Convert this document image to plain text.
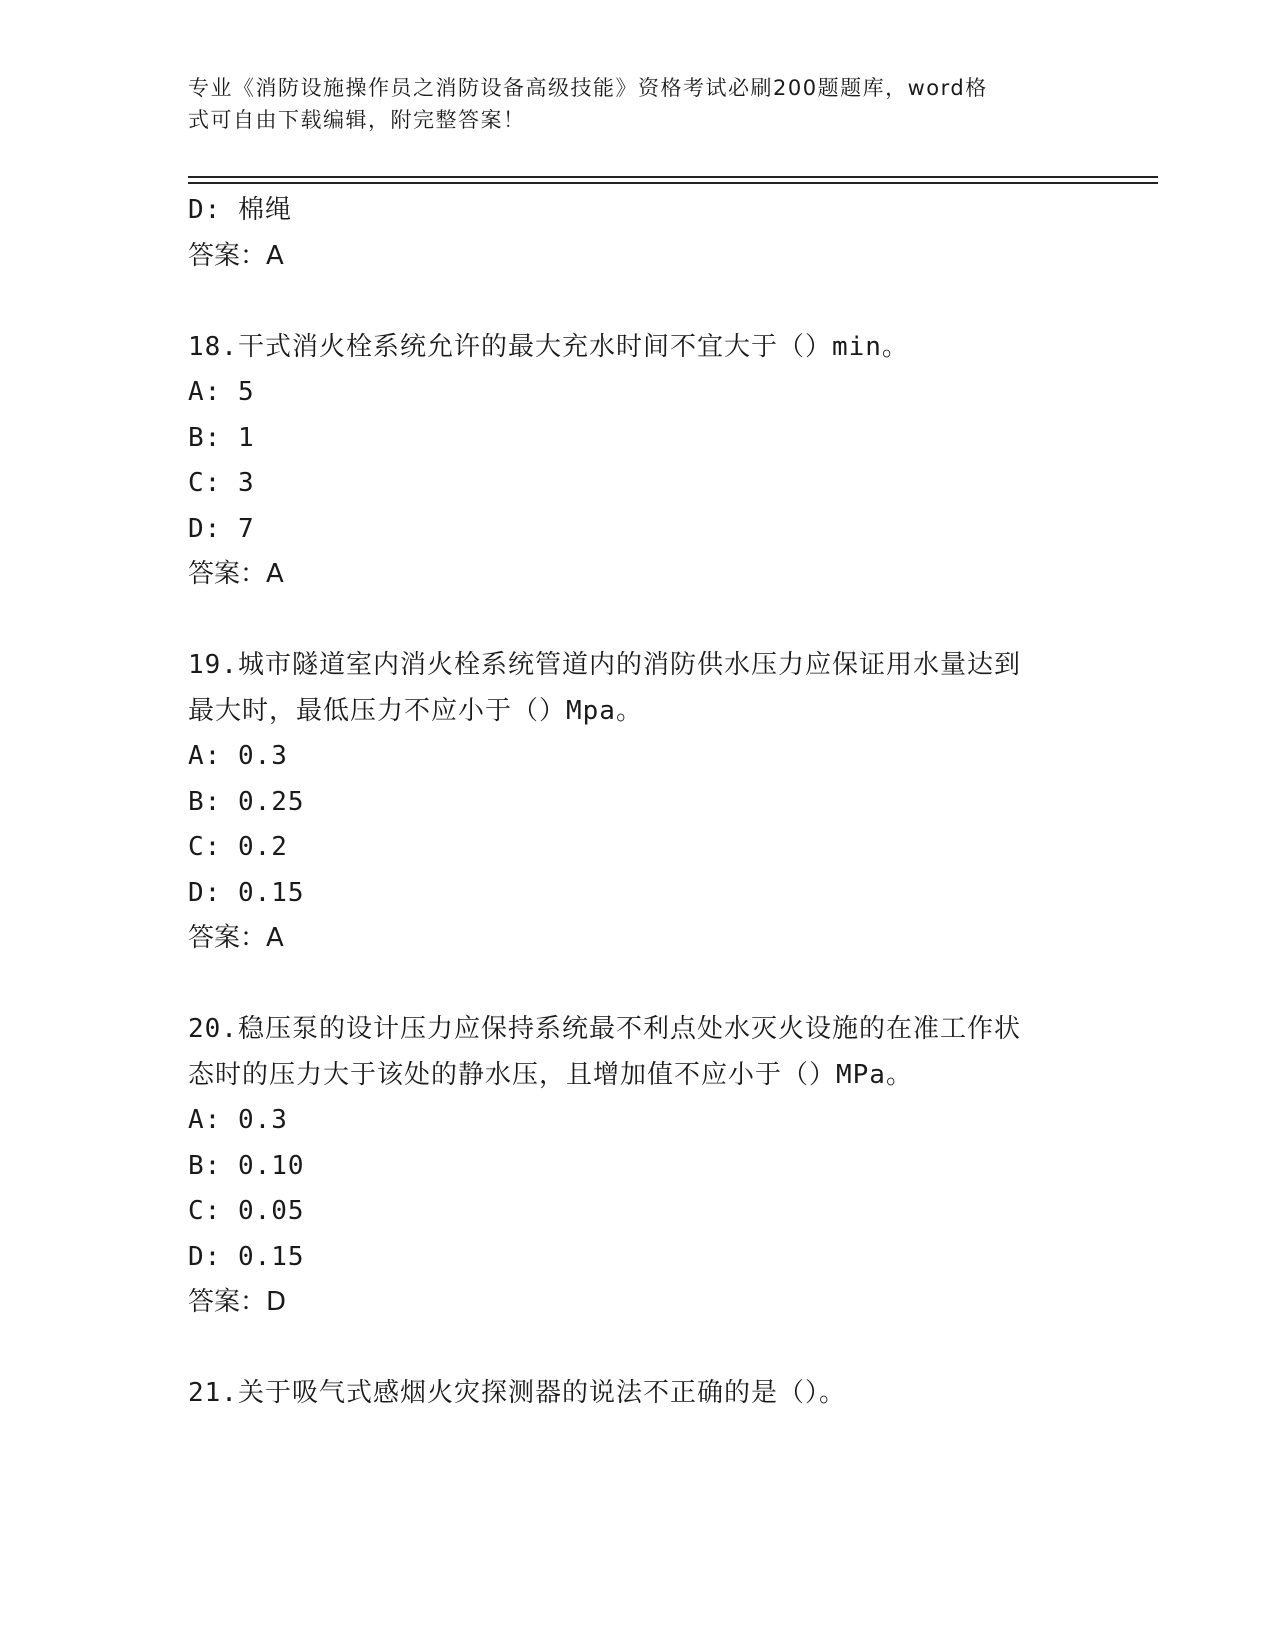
专业《消防设施操作员之消防设备高级技能》资格考试必刷200题题库，word格
式可自由下载编辑，附完整答案！
D: 棉绳
答案：A
18.干式消火栓系统允许的最大充水时间不宜大于（）min。
A: 5
B: 1
C: 3
D: 7
答案：A
19.城市隧道室内消火栓系统管道内的消防供水压力应保证用水量达到
最大时，最低压力不应小于（）Mpa。
A: 0.3
B: 0.25
C: 0.2
D: 0.15
答案：A
20.稳压泵的设计压力应保持系统最不利点处水灭火设施的在准工作状
态时的压力大于该处的静水压，且增加值不应小于（）MPa。
A: 0.3
B: 0.10
C: 0.05
D: 0.15
答案：D
21.关于吸气式感烟火灾探测器的说法不正确的是（）。
